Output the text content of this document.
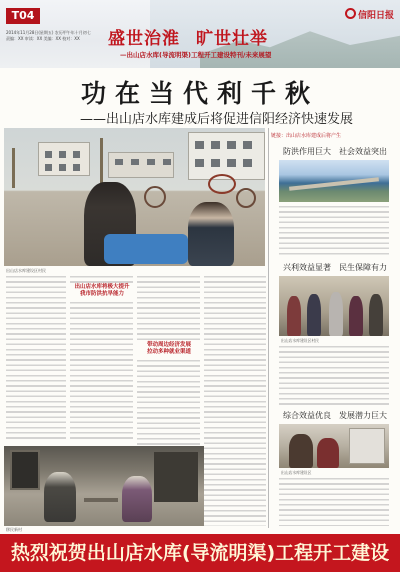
T04
2014年11月28日(星期五) 农历甲午年十月初七
责编：XX 审读：XX 美编：XX 校对：XX	盛世治淮 旷世壮举
—出山店水库(导流明渠)工程开工建设特刊/未来展望
信阳日报
功在当代利千秋
——出山店水库建成后将促进信阳经济快速发展
出山店水库建设区村民
出山店水库将极大提升
我市防洪抗旱能力
带动周边经济发展
拉动多种就业渠道
移民新村
链接：出山店水库建成后将产生
防洪作用巨大 社会效益突出
兴利效益显著 民生保障有力
出山店水库建设区村民
综合效益优良 发展潜力巨大
出山店水库建设区
热烈祝贺出山店水库(导流明渠)工程开工建设
